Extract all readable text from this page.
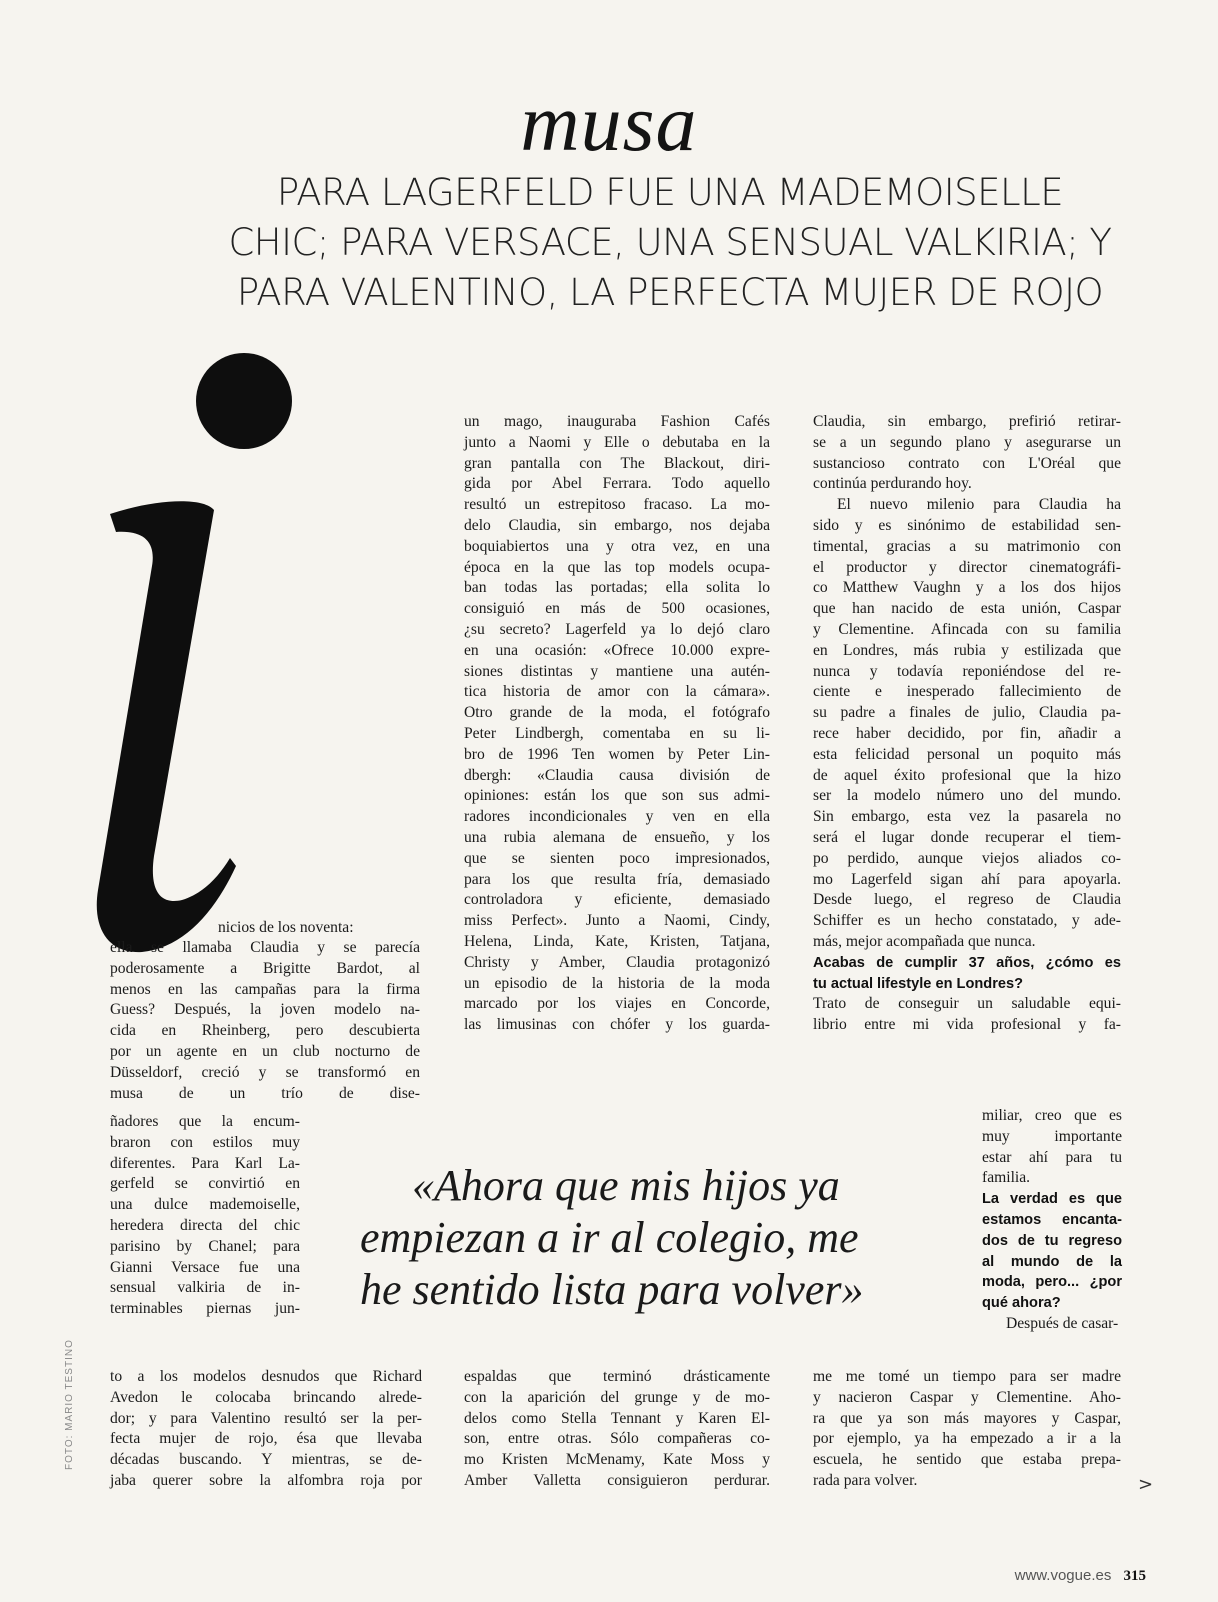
musa
PARA LAGERFELD FUE UNA MADEMOISELLE
CHIC; PARA VERSACE, UNA SENSUAL VALKIRIA; Y
PARA VALENTINO, LA PERFECTA MUJER DE ROJO
nicios de los noventa:
ella se llamaba Claudia y se parecía
poderosamente a Brigitte Bardot, al
menos en las campañas para la firma
Guess? Después, la joven modelo na-
cida en Rheinberg, pero descubierta
por un agente en un club nocturno de
Düsseldorf, creció y se transformó en
musa de un trío de dise-
ñadores que la encum-
braron con estilos muy
diferentes. Para Karl La-
gerfeld se convirtió en
una dulce mademoiselle,
heredera directa del chic
parisino by Chanel; para
Gianni Versace fue una
sensual valkiria de in-
terminables piernas jun-
to a los modelos desnudos que Richard
Avedon le colocaba brincando alrede-
dor; y para Valentino resultó ser la per-
fecta mujer de rojo, ésa que llevaba
décadas buscando. Y mientras, se de-
jaba querer sobre la alfombra roja por
un mago, inauguraba Fashion Cafés
junto a Naomi y Elle o debutaba en la
gran pantalla con The Blackout, diri-
gida por Abel Ferrara. Todo aquello
resultó un estrepitoso fracaso. La mo-
delo Claudia, sin embargo, nos dejaba
boquiabiertos una y otra vez, en una
época en la que las top models ocupa-
ban todas las portadas; ella solita lo
consiguió en más de 500 ocasiones,
¿su secreto? Lagerfeld ya lo dejó claro
en una ocasión: «Ofrece 10.000 expre-
siones distintas y mantiene una autén-
tica historia de amor con la cámara».
Otro grande de la moda, el fotógrafo
Peter Lindbergh, comentaba en su li-
bro de 1996 Ten women by Peter Lin-
dbergh: «Claudia causa división de
opiniones: están los que son sus admi-
radores incondicionales y ven en ella
una rubia alemana de ensueño, y los
que se sienten poco impresionados,
para los que resulta fría, demasiado
controladora y eficiente, demasiado
miss Perfect». Junto a Naomi, Cindy,
Helena, Linda, Kate, Kristen, Tatjana,
Christy y Amber, Claudia protagonizó
un episodio de la historia de la moda
marcado por los viajes en Concorde,
las limusinas con chófer y los guarda-
espaldas que terminó drásticamente
con la aparición del grunge y de mo-
delos como Stella Tennant y Karen El-
son, entre otras. Sólo compañeras co-
mo Kristen McMenamy, Kate Moss y
Amber Valletta consiguieron perdurar.
Claudia, sin embargo, prefirió retirar-
se a un segundo plano y asegurarse un
sustancioso contrato con L'Oréal que
continúa perdurando hoy.
El nuevo milenio para Claudia ha
sido y es sinónimo de estabilidad sen-
timental, gracias a su matrimonio con
el productor y director cinematográfi-
co Matthew Vaughn y a los dos hijos
que han nacido de esta unión, Caspar
y Clementine. Afincada con su familia
en Londres, más rubia y estilizada que
nunca y todavía reponiéndose del re-
ciente e inesperado fallecimiento de
su padre a finales de julio, Claudia pa-
rece haber decidido, por fin, añadir a
esta felicidad personal un poquito más
de aquel éxito profesional que la hizo
ser la modelo número uno del mundo.
Sin embargo, esta vez la pasarela no
será el lugar donde recuperar el tiem-
po perdido, aunque viejos aliados co-
mo Lagerfeld sigan ahí para apoyarla.
Desde luego, el regreso de Claudia
Schiffer es un hecho constatado, y ade-
más, mejor acompañada que nunca.
Acabas de cumplir 37 años, ¿cómo es
tu actual lifestyle en Londres?
Trato de conseguir un saludable equi-
librio entre mi vida profesional y fa-
miliar, creo que es
muy importante
estar ahí para tu
familia.
La verdad es que
estamos encanta-
dos de tu regreso
al mundo de la
moda, pero... ¿por
qué ahora?
Después de casar-
me me tomé un tiempo para ser madre
y nacieron Caspar y Clementine. Aho-
ra que ya son más mayores y Caspar,
por ejemplo, ya ha empezado a ir a la
escuela, he sentido que estaba prepa-
rada para volver.
«Ahora que mis hijos ya
empiezan a ir al colegio, me
he sentido lista para volver»
FOTO: MARIO TESTINO
>
www.vogue.es 315
